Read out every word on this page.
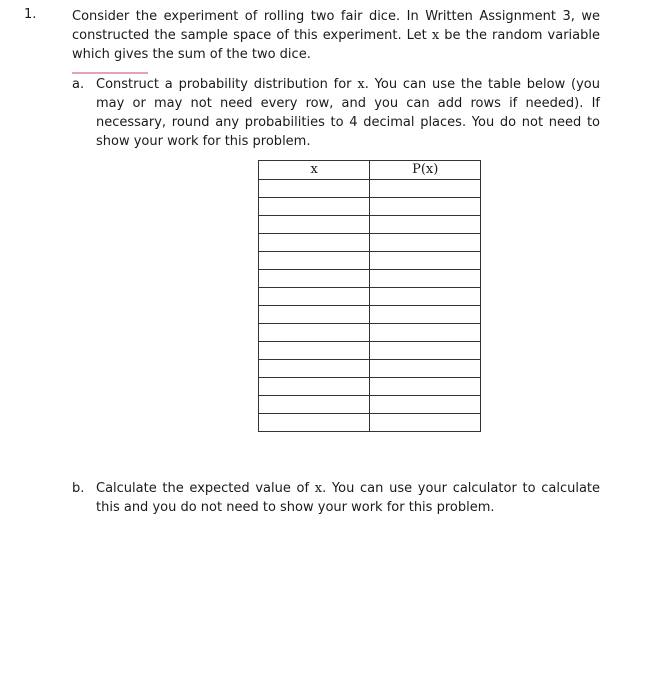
1.	Consider the experiment of rolling two fair dice. In Written Assignment 3, we constructed the sample space of this experiment. Let x be the random variable which gives the sum of the two dice.

a. Construct a probability distribution for x. You can use the table below (you may or may not need every row, and you can add rows if needed). If necessary, round any probabilities to 4 decimal places. You do not need to show your work for this problem.

x	P(x)

b. Calculate the expected value of x. You can use your calculator to calculate this and you do not need to show your work for this problem.
